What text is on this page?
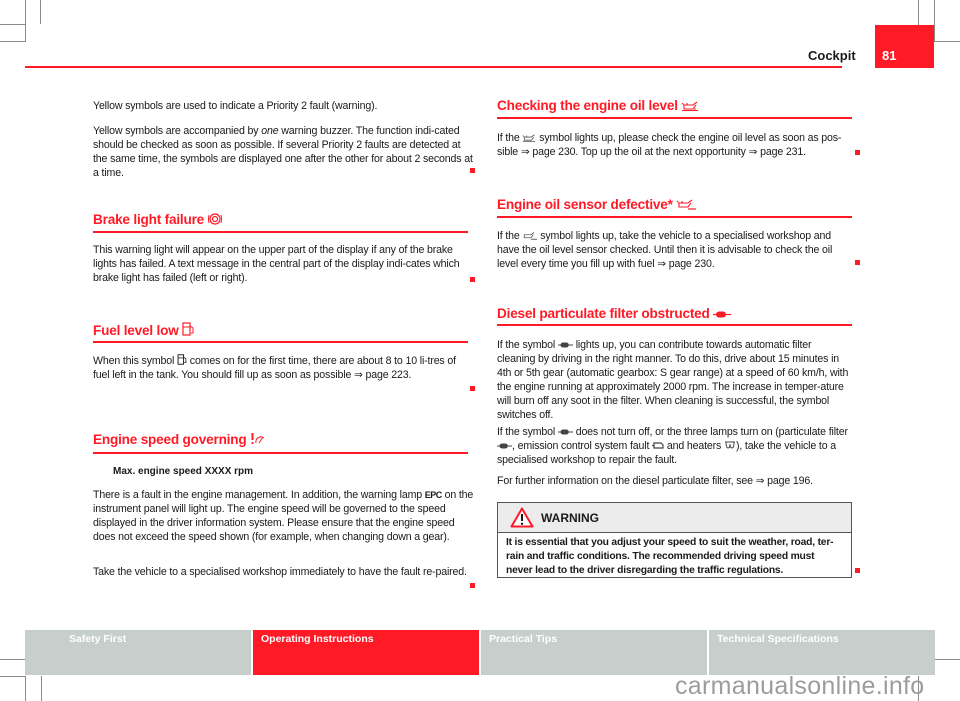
Cockpit 81

Yellow symbols are used to indicate a Priority 2 fault (warning).

Yellow symbols are accompanied by one warning buzzer. The function indi-cated should be checked as soon as possible. If several Priority 2 faults are detected at the same time, the symbols are displayed one after the other for about 2 seconds at a time.

Brake light failure

This warning light will appear on the upper part of the display if any of the brake lights has failed. A text message in the central part of the display indi-cates which brake light has failed (left or right).

Fuel level low

When this symbol
comes on for the first time, there are about 8 to 10 li-tres of fuel left in the tank. You should fill up as soon as possible ⇒ page 223.

Engine speed governing
Max. engine speed XXXX rpm

There is a fault in the engine management. In addition, the warning lamp EPC on the instrument panel will light up. The engine speed will be governed to the speed displayed in the driver information system. Please ensure that the engine speed does not exceed the speed shown (for example, when changing down a gear).

Take the vehicle to a specialised workshop immediately to have the fault re-paired.

Checking the engine oil level

If the
symbol lights up, please check the engine oil level as soon as pos-sible ⇒ page 230. Top up the oil at the next opportunity ⇒ page 231.

Engine oil sensor defective*

If the
symbol lights up, take the vehicle to a specialised workshop and have the oil level sensor checked. Until then it is advisable to check the oil level every time you fill up with fuel ⇒ page 230.

Diesel particulate filter obstructed

If the symbol
lights up, you can contribute towards automatic filter cleaning by driving in the right manner. To do this, drive about 15 minutes in 4th or 5th gear (automatic gearbox: S gear range) at a speed of 60 km/h, with the engine running at approximately 2000 rpm. The increase in temper-ature will burn off any soot in the filter. When cleaning is successful, the symbol switches off.

If the symbol
does not turn off, or the three lamps turn on (particulate filter
, emission control system fault
and heaters
), take the vehicle to a specialised workshop to repair the fault.

For further information on the diesel particulate filter, see ⇒ page 196.

WARNING
It is essential that you adjust your speed to suit the weather, road, ter-rain and traffic conditions. The recommended driving speed must never lead to the driver disregarding the traffic regulations.
Safety First	Operating Instructions	Practical Tips	Technical Specifications
carmanualsonline.info
